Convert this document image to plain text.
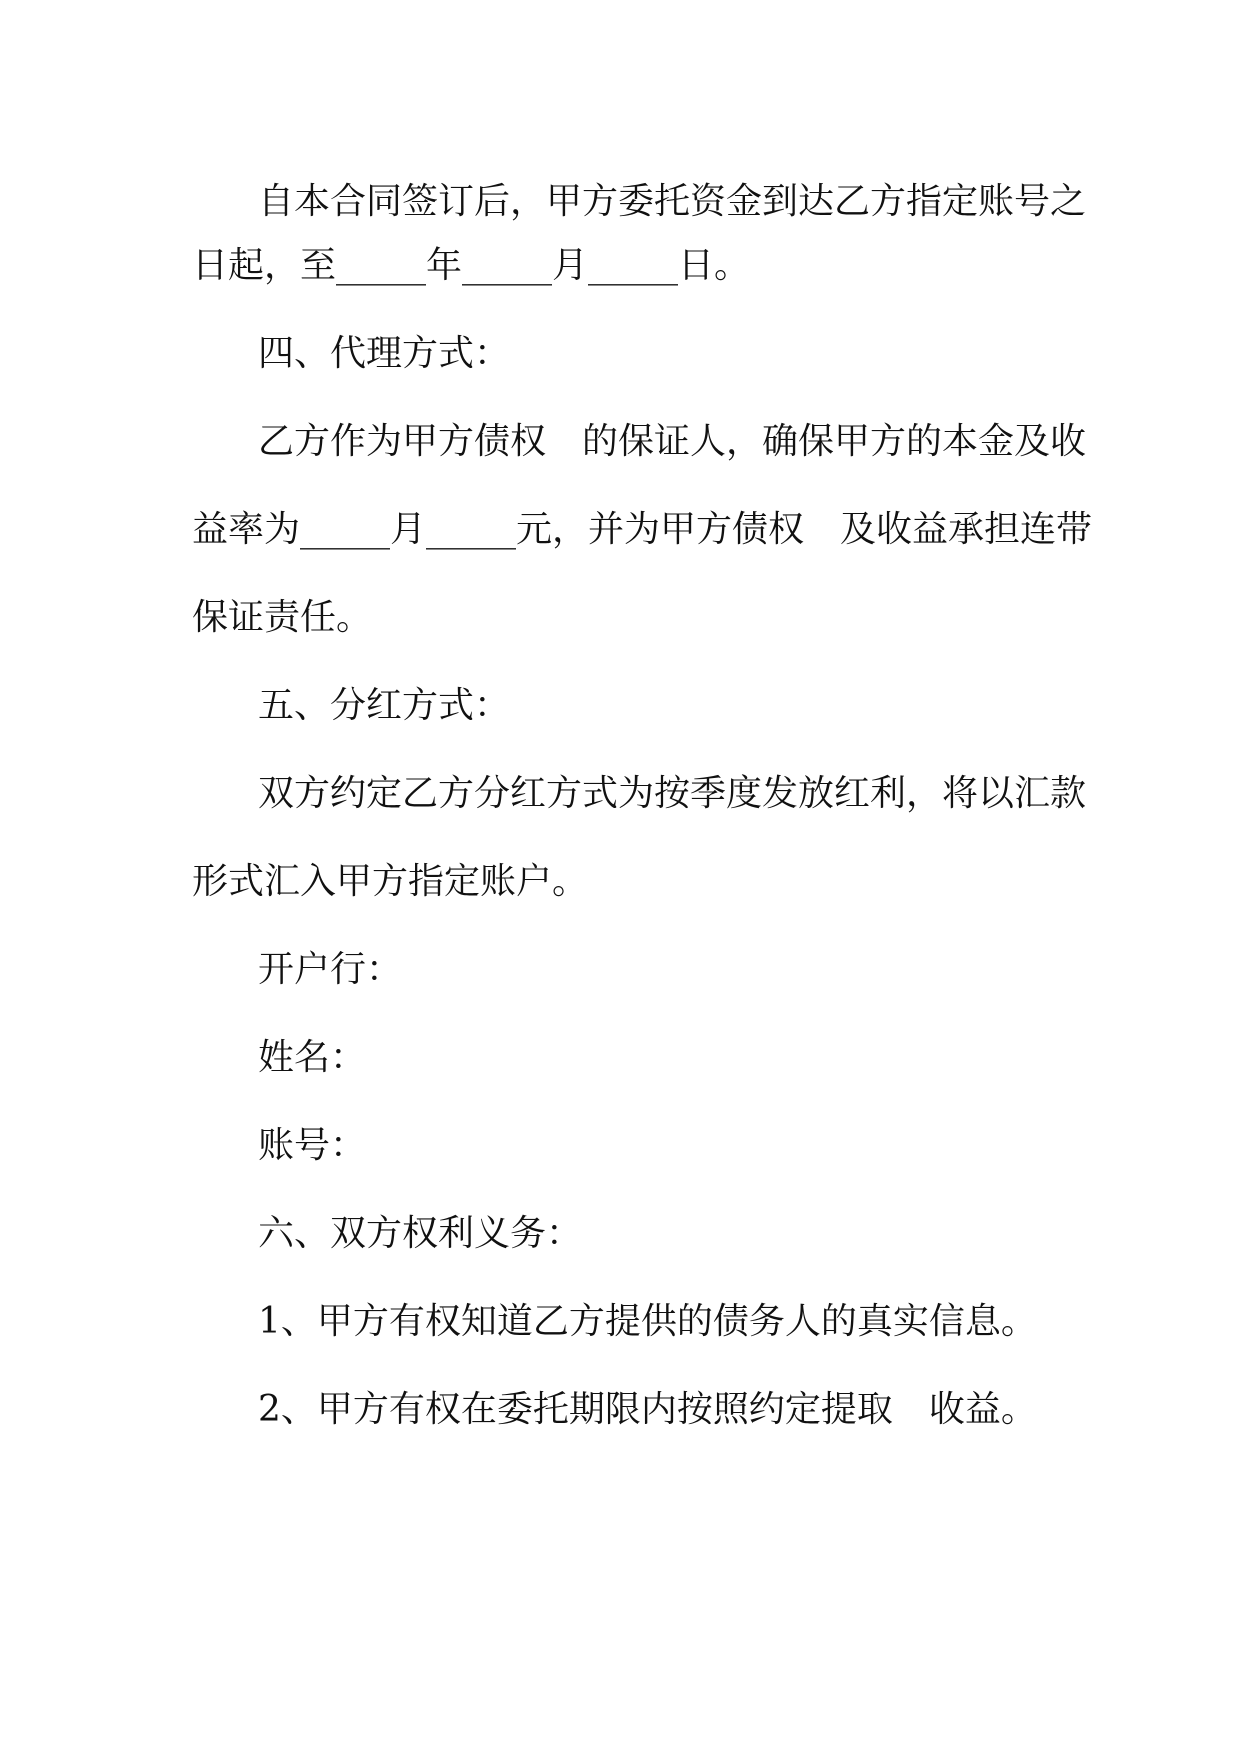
自本合同签订后，甲方委托资金到达乙方指定账号之
日起，至_____年_____月_____日。
四、代理方式：
乙方作为甲方债权 的保证人，确保甲方的本金及收
益率为_____月_____元，并为甲方债权 及收益承担连带
保证责任。
五、分红方式：
双方约定乙方分红方式为按季度发放红利，将以汇款
形式汇入甲方指定账户。
开户行：
姓名：
账号：
六、双方权利义务：
1、甲方有权知道乙方提供的债务人的真实信息。
2、甲方有权在委托期限内按照约定提取 收益。
